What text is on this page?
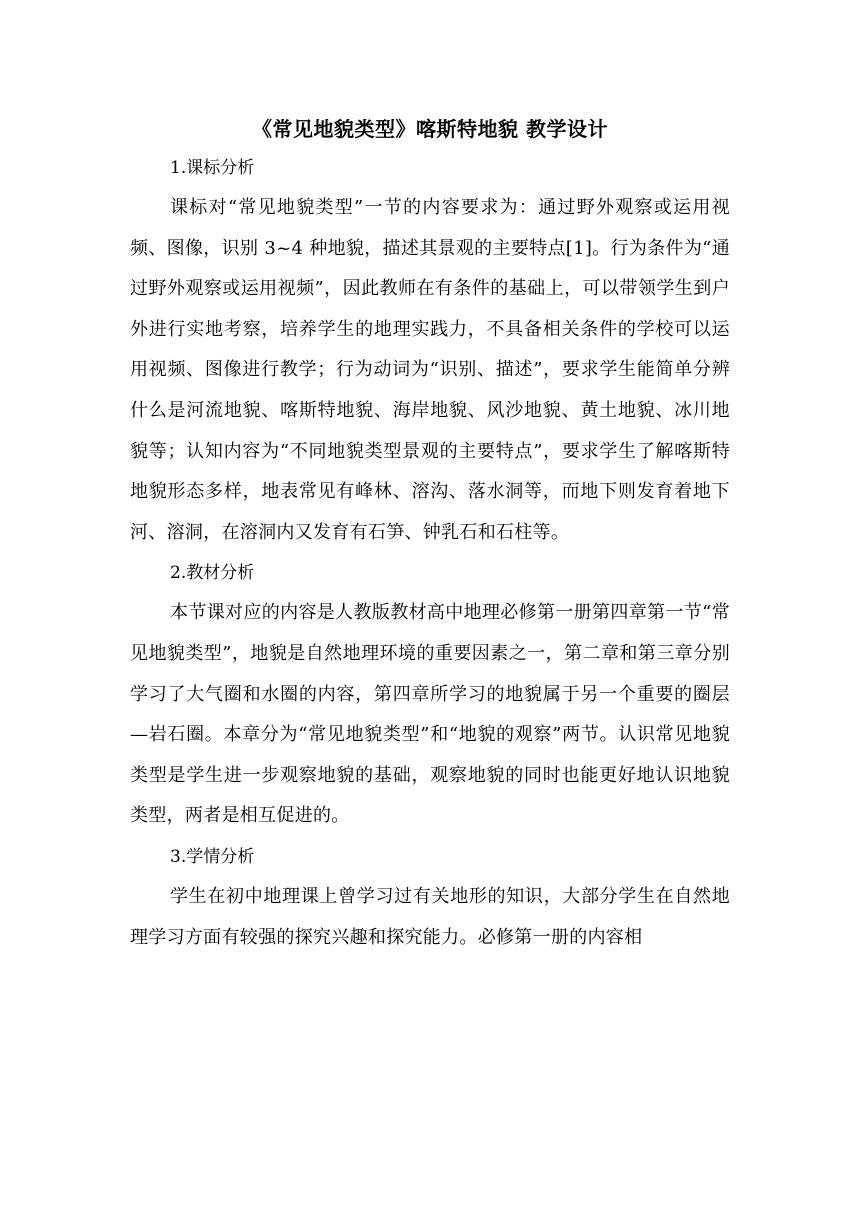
《常见地貌类型》喀斯特地貌 教学设计
1.课标分析

课标对“常见地貌类型”一节的内容要求为：通过野外观察或运用视频、图像，识别 3~4 种地貌，描述其景观的主要特点[1]。行为条件为“通过野外观察或运用视频”，因此教师在有条件的基础上，可以带领学生到户外进行实地考察，培养学生的地理实践力，不具备相关条件的学校可以运用视频、图像进行教学；行为动词为“识别、描述”，要求学生能简单分辨什么是河流地貌、喀斯特地貌、海岸地貌、风沙地貌、黄土地貌、冰川地貌等；认知内容为“不同地貌类型景观的主要特点”，要求学生了解喀斯特地貌形态多样，地表常见有峰林、溶沟、落水洞等，而地下则发育着地下河、溶洞，在溶洞内又发育有石笋、钟乳石和石柱等。

2.教材分析

本节课对应的内容是人教版教材高中地理必修第一册第四章第一节“常见地貌类型”，地貌是自然地理环境的重要因素之一，第二章和第三章分别学习了大气圈和水圈的内容，第四章所学习的地貌属于另一个重要的圈层—岩石圈。本章分为“常见地貌类型”和“地貌的观察”两节。认识常见地貌类型是学生进一步观察地貌的基础，观察地貌的同时也能更好地认识地貌类型，两者是相互促进的。

3.学情分析

学生在初中地理课上曾学习过有关地形的知识，大部分学生在自然地理学习方面有较强的探究兴趣和探究能力。必修第一册的内容相
